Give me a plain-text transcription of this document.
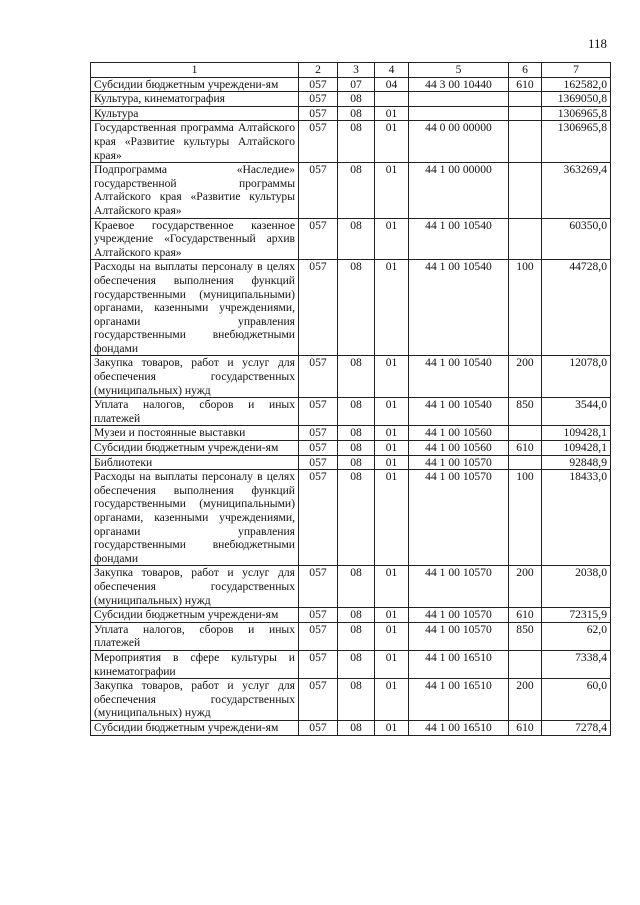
118
1	2	3	4	5	6	7
Субсидии бюджетным учреждени-ям	057	07	04	44 3 00 10440	610	162582,0
Культура, кинематография	057	08				1369050,8
Культура	057	08	01			1306965,8
Государственная программа Алтайского края «Развитие культуры Алтайского края»	057	08	01	44 0 00 00000		1306965,8
Подпрограмма «Наследие» государственной программы Алтайского края «Развитие культуры Алтайского края»	057	08	01	44 1 00 00000		363269,4
Краевое государственное казенное учреждение «Государственный архив Алтайского края»	057	08	01	44 1 00 10540		60350,0
Расходы на выплаты персоналу в целях обеспечения выполнения функций государственными (муниципальными) органами, казенными учреждениями, органами управления государственными внебюджетными фондами	057	08	01	44 1 00 10540	100	44728,0
Закупка товаров, работ и услуг для обеспечения государственных (муниципальных) нужд	057	08	01	44 1 00 10540	200	12078,0
Уплата налогов, сборов и иных платежей	057	08	01	44 1 00 10540	850	3544,0
Музеи и постоянные выставки	057	08	01	44 1 00 10560		109428,1
Субсидии бюджетным учреждени-ям	057	08	01	44 1 00 10560	610	109428,1
Библиотеки	057	08	01	44 1 00 10570		92848,9
Расходы на выплаты персоналу в целях обеспечения выполнения функций государственными (муниципальными) органами, казенными учреждениями, органами управления государственными внебюджетными фондами	057	08	01	44 1 00 10570	100	18433,0
Закупка товаров, работ и услуг для обеспечения государственных (муниципальных) нужд	057	08	01	44 1 00 10570	200	2038,0
Субсидии бюджетным учреждени-ям	057	08	01	44 1 00 10570	610	72315,9
Уплата налогов, сборов и иных платежей	057	08	01	44 1 00 10570	850	62,0
Мероприятия в сфере культуры и кинематографии	057	08	01	44 1 00 16510		7338,4
Закупка товаров, работ и услуг для обеспечения государственных (муниципальных) нужд	057	08	01	44 1 00 16510	200	60,0
Субсидии бюджетным учреждени-ям	057	08	01	44 1 00 16510	610	7278,4
